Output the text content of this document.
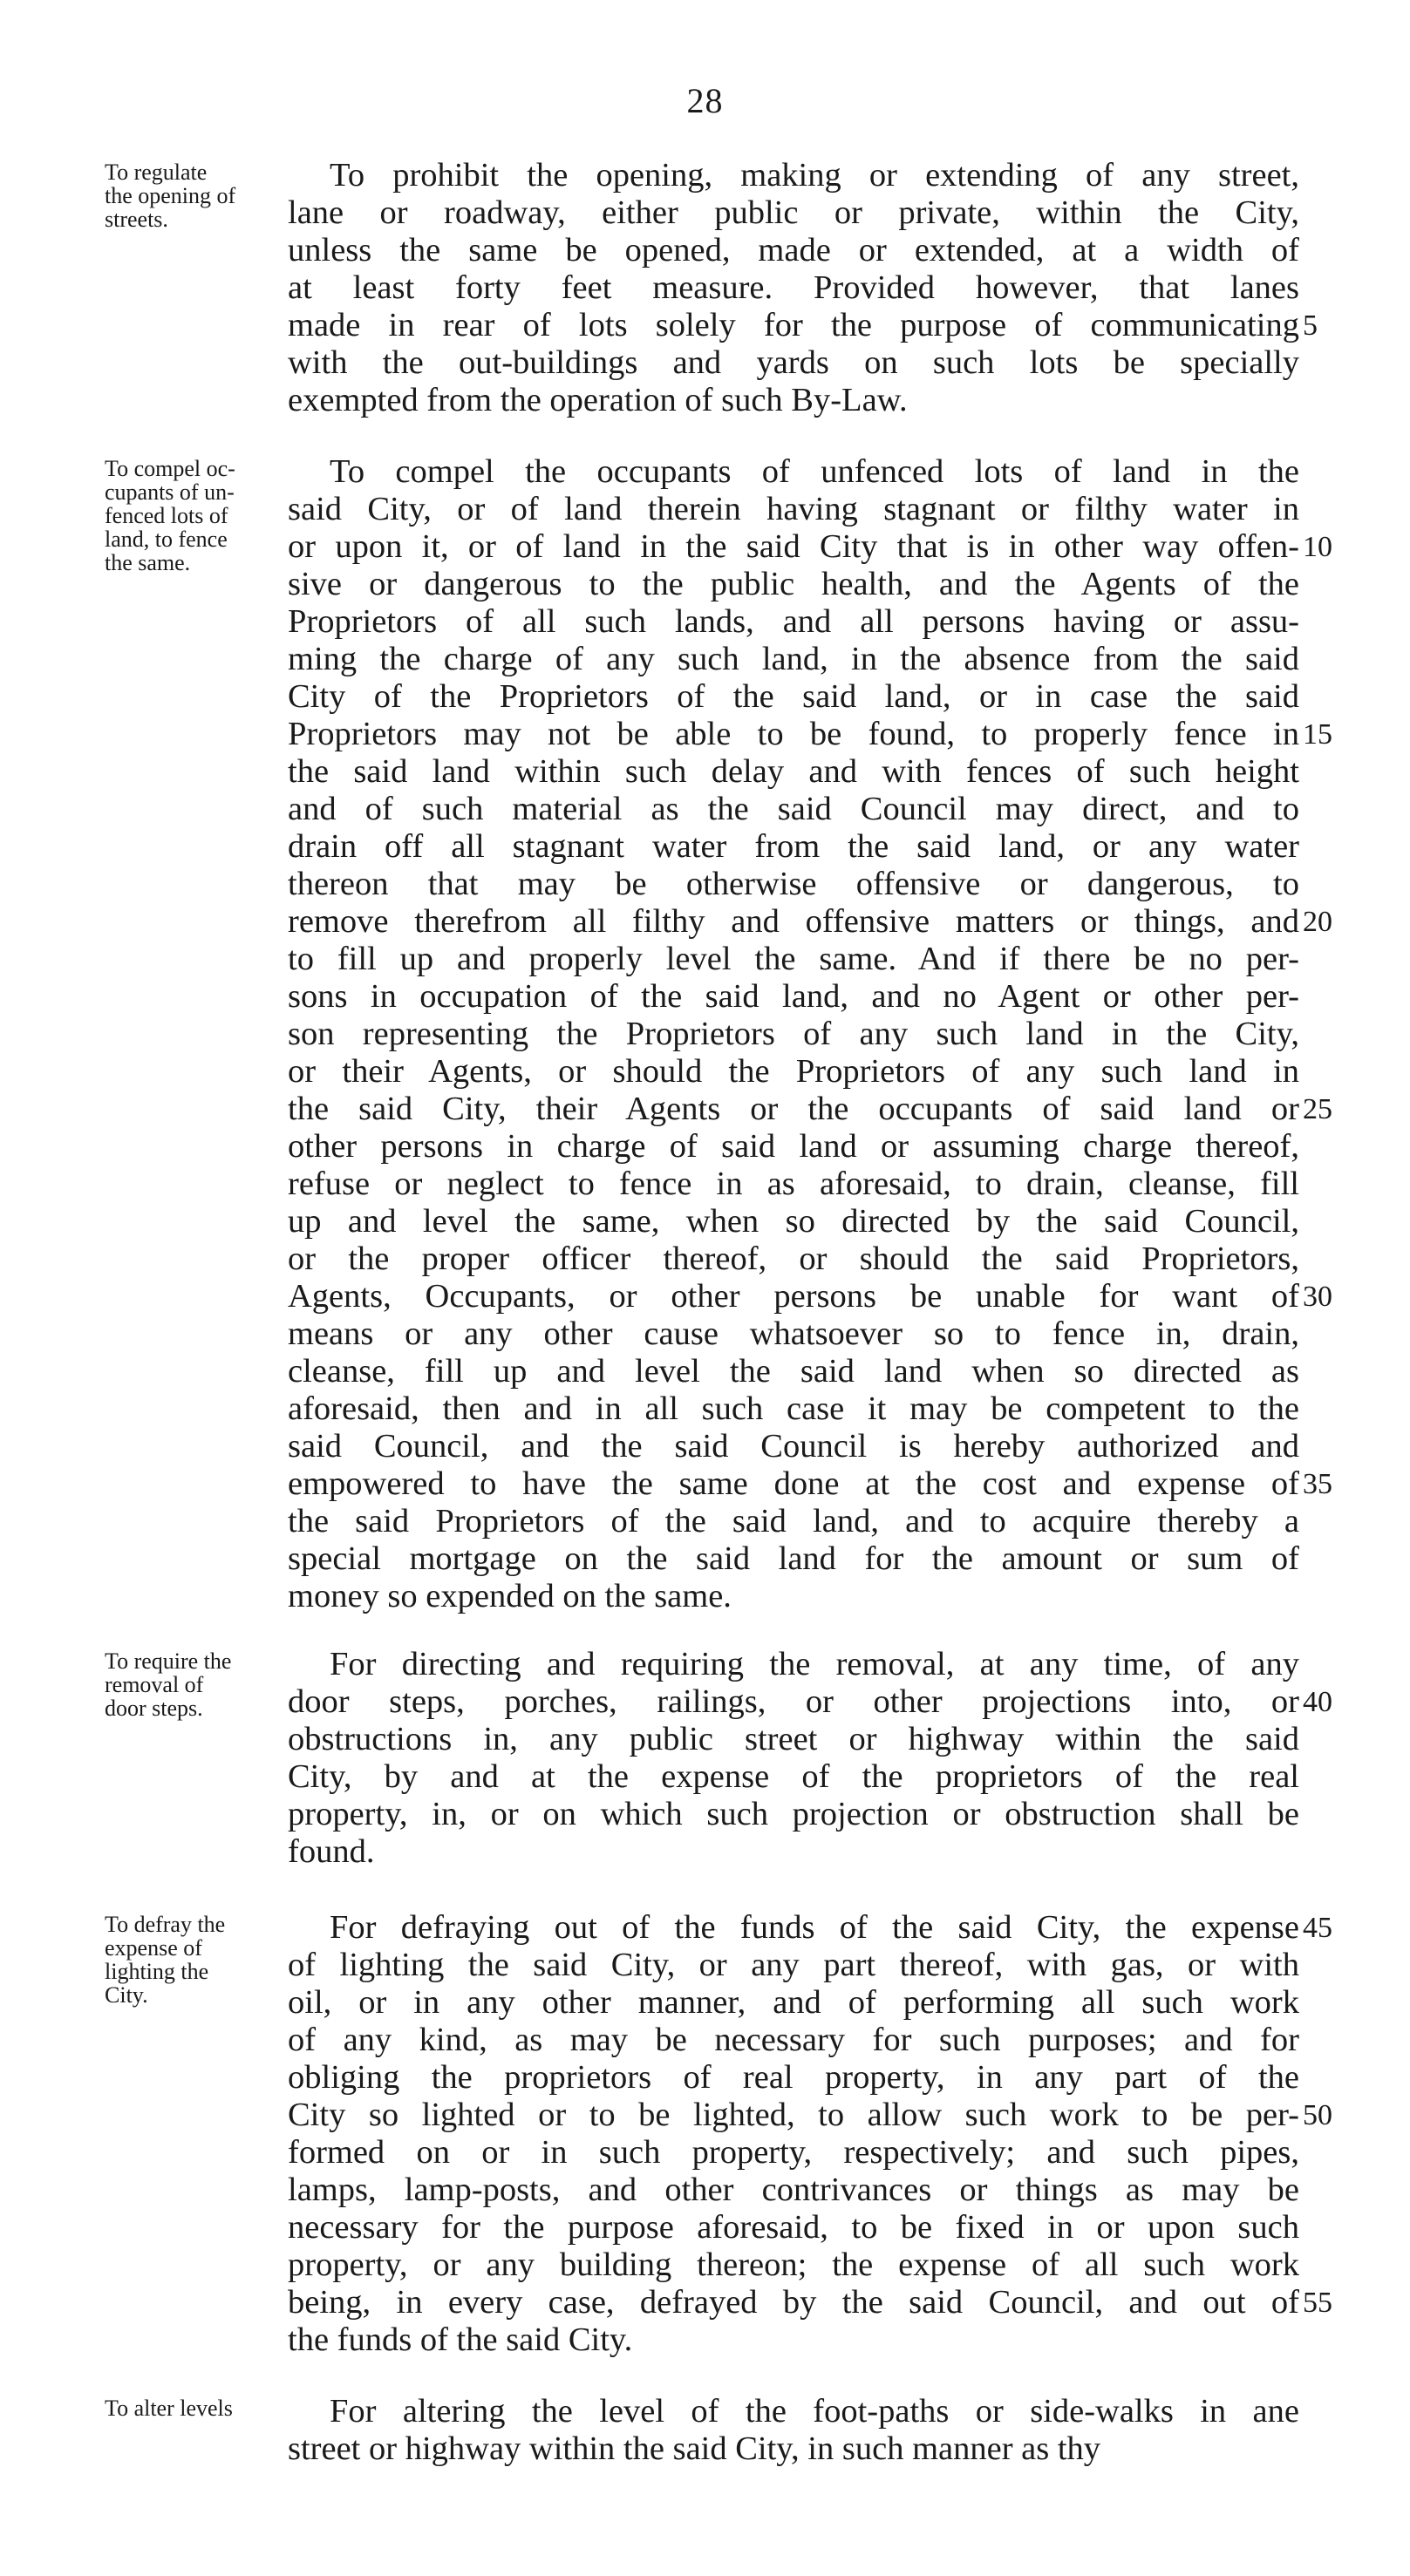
28
To regulate
the opening of
streets.
To prohibit the opening, making or extending of any street,
lane or roadway, either public or private, within the City,
unless the same be opened, made or extended, at a width of
at least forty feet measure. Provided however, that lanes
made in rear of lots solely for the purpose of communicating
with the out-buildings and yards on such lots be specially
exempted from the operation of such By-Law.
5
To compel oc-
cupants of un-
fenced lots of
land, to fence
the same.
To compel the occupants of unfenced lots of land in the
said City, or of land therein having stagnant or filthy water in
or upon it, or of land in the said City that is in other way offen-
sive or dangerous to the public health, and the Agents of the
Proprietors of all such lands, and all persons having or assu-
ming the charge of any such land, in the absence from the said
City of the Proprietors of the said land, or in case the said
Proprietors may not be able to be found, to properly fence in
the said land within such delay and with fences of such height
and of such material as the said Council may direct, and to
drain off all stagnant water from the said land, or any water
thereon that may be otherwise offensive or dangerous, to
remove therefrom all filthy and offensive matters or things, and
to fill up and properly level the same. And if there be no per-
sons in occupation of the said land, and no Agent or other per-
son representing the Proprietors of any such land in the City,
or their Agents, or should the Proprietors of any such land in
the said City, their Agents or the occupants of said land or
other persons in charge of said land or assuming charge thereof,
refuse or neglect to fence in as aforesaid, to drain, cleanse, fill
up and level the same, when so directed by the said Council,
or the proper officer thereof, or should the said Proprietors,
Agents, Occupants, or other persons be unable for want of
means or any other cause whatsoever so to fence in, drain,
cleanse, fill up and level the said land when so directed as
aforesaid, then and in all such case it may be competent to the
said Council, and the said Council is hereby authorized and
empowered to have the same done at the cost and expense of
the said Proprietors of the said land, and to acquire thereby a
special mortgage on the said land for the amount or sum of
money so expended on the same.
10
15
20
25
30
35
To require the
removal of
door steps.
For directing and requiring the removal, at any time, of any
door steps, porches, railings, or other projections into, or
obstructions in, any public street or highway within the said
City, by and at the expense of the proprietors of the real
property, in, or on which such projection or obstruction shall be
found.
40
To defray the
expense of
lighting the
City.
For defraying out of the funds of the said City, the expense
of lighting the said City, or any part thereof, with gas, or with
oil, or in any other manner, and of performing all such work
of any kind, as may be necessary for such purposes; and for
obliging the proprietors of real property, in any part of the
City so lighted or to be lighted, to allow such work to be per-
formed on or in such property, respectively; and such pipes,
lamps, lamp-posts, and other contrivances or things as may be
necessary for the purpose aforesaid, to be fixed in or upon such
property, or any building thereon; the expense of all such work
being, in every case, defrayed by the said Council, and out of
the funds of the said City.
45
50
55
To alter levels	For altering the level of the foot-paths or side-walks in ane
street or highway within the said City, in such manner as thy
